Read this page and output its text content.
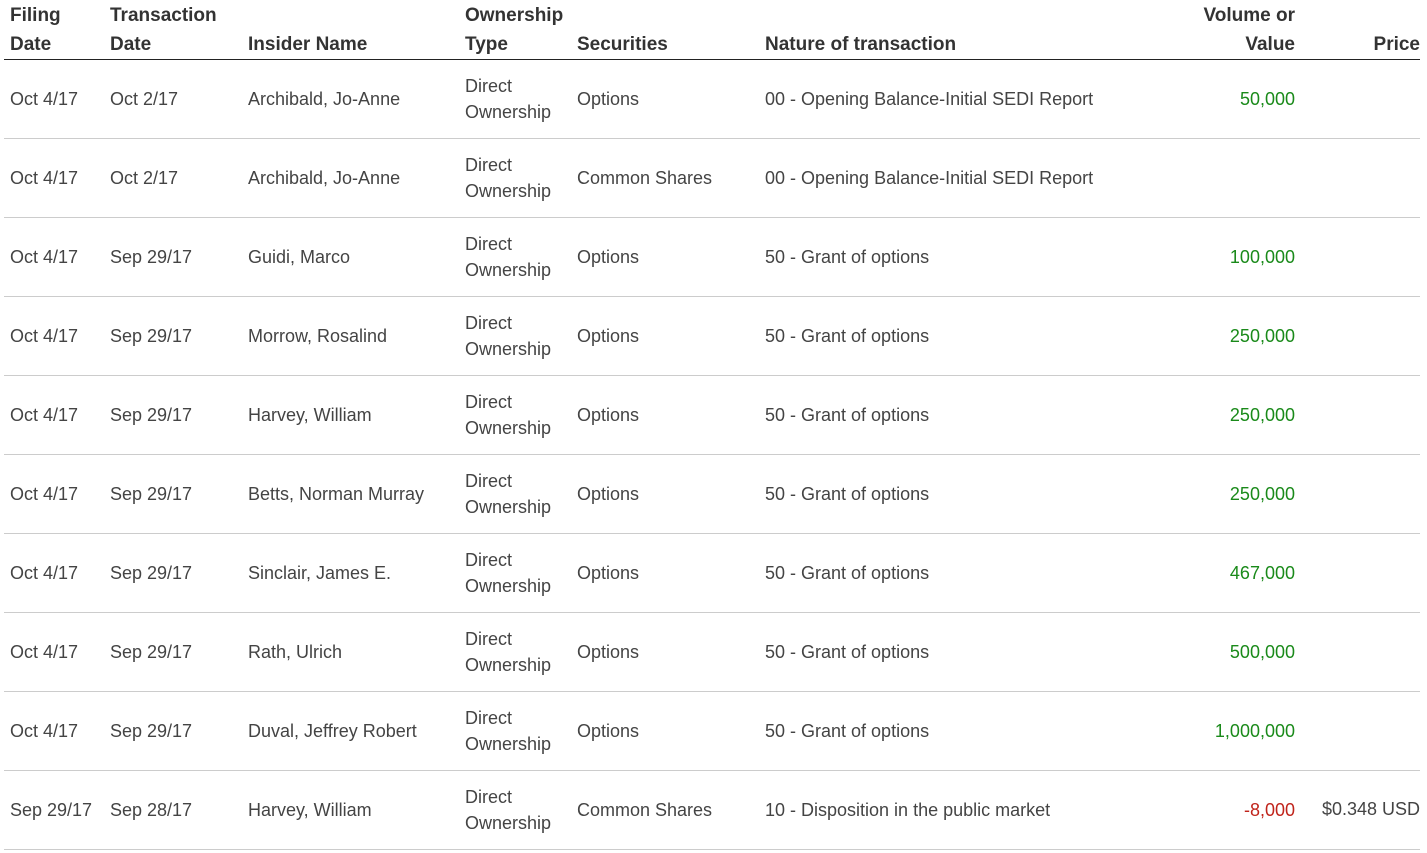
Filing Date	Transaction Date	Insider Name	Ownership Type	Securities	Nature of transaction	Volume or Value	Price
Oct 4/17	Oct 2/17	Archibald, Jo-Anne	Direct Ownership	Options	00 - Opening Balance-Initial SEDI Report	50,000	
Oct 4/17	Oct 2/17	Archibald, Jo-Anne	Direct Ownership	Common Shares	00 - Opening Balance-Initial SEDI Report		
Oct 4/17	Sep 29/17	Guidi, Marco	Direct Ownership	Options	50 - Grant of options	100,000	
Oct 4/17	Sep 29/17	Morrow, Rosalind	Direct Ownership	Options	50 - Grant of options	250,000	
Oct 4/17	Sep 29/17	Harvey, William	Direct Ownership	Options	50 - Grant of options	250,000	
Oct 4/17	Sep 29/17	Betts, Norman Murray	Direct Ownership	Options	50 - Grant of options	250,000	
Oct 4/17	Sep 29/17	Sinclair, James E.	Direct Ownership	Options	50 - Grant of options	467,000	
Oct 4/17	Sep 29/17	Rath, Ulrich	Direct Ownership	Options	50 - Grant of options	500,000	
Oct 4/17	Sep 29/17	Duval, Jeffrey Robert	Direct Ownership	Options	50 - Grant of options	1,000,000	
Sep 29/17	Sep 28/17	Harvey, William	Direct Ownership	Common Shares	10 - Disposition in the public market	-8,000	$0.348 USD
